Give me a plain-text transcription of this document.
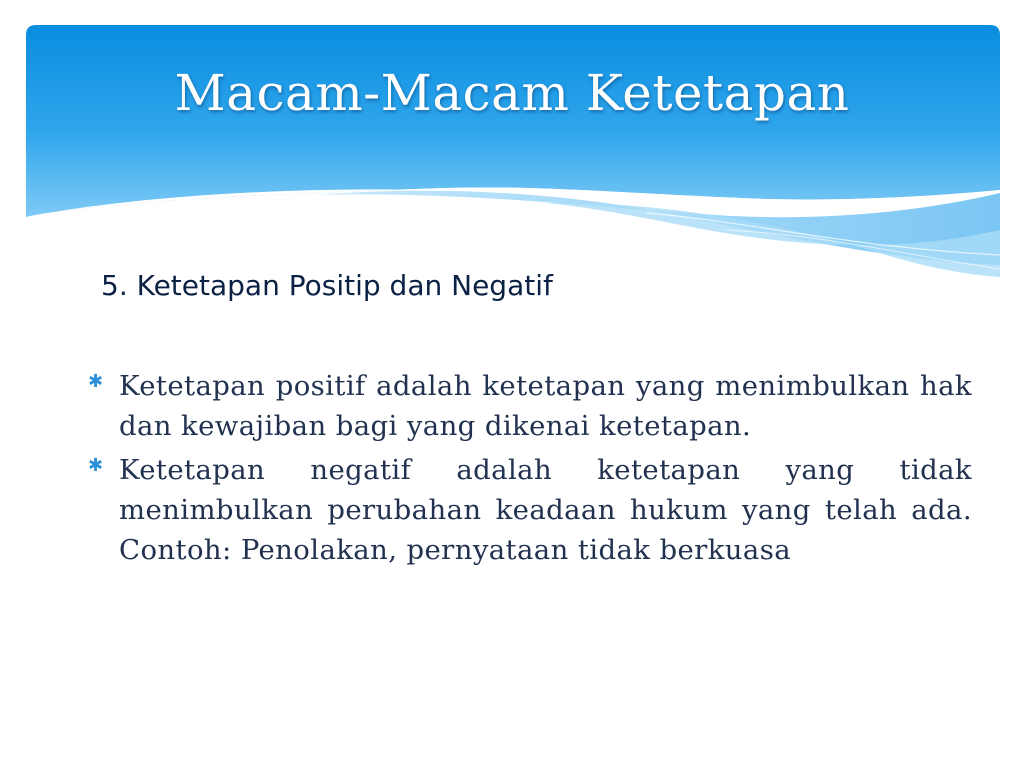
Macam-Macam Ketetapan
5. Ketetapan Positip dan Negatif
✱ Ketetapan positif adalah ketetapan yang menimbulkan hak dan kewajiban bagi yang dikenai ketetapan.
✱ Ketetapan negatif adalah ketetapan yang tidak menimbulkan perubahan keadaan hukum yang telah ada. Contoh: Penolakan, pernyataan tidak berkuasa
